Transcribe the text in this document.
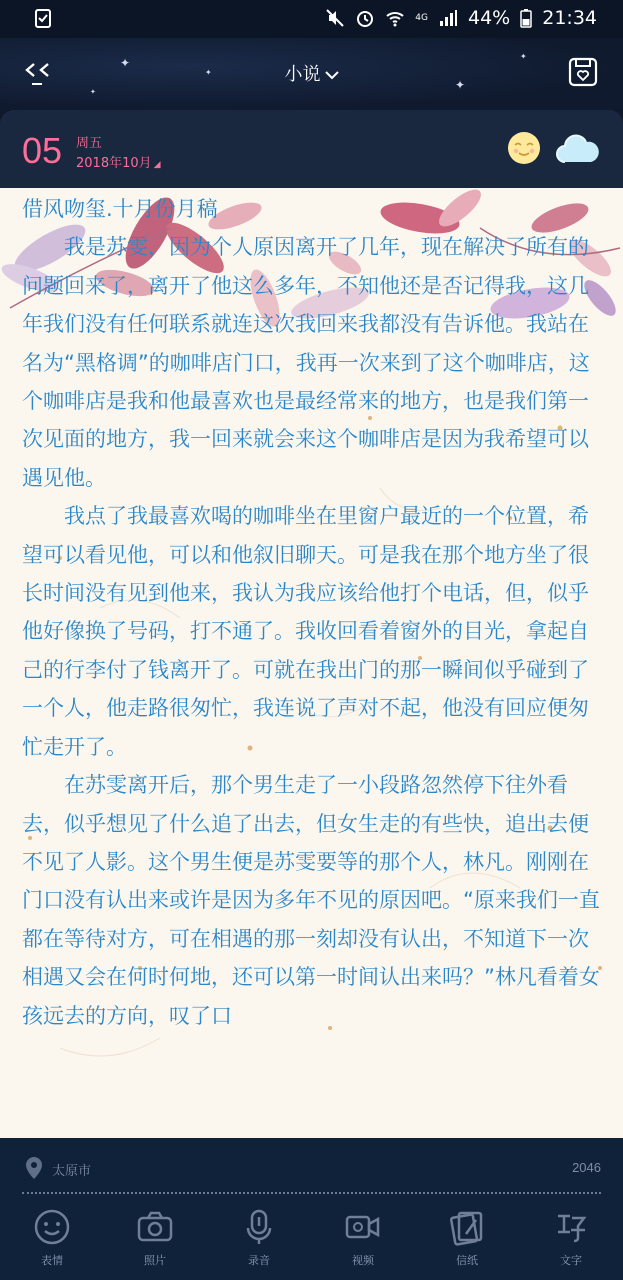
4G 44% 21:34
✦
✦
✦
✦
✦
小说
05 周五
2018年10月 ◢

借风吻玺.十月份月稿

我是苏雯，因为个人原因离开了几年，现在解决了所有的问题回来了，离开了他这么多年，不知他还是否记得我，这几年我们没有任何联系就连这次我回来我都没有告诉他。我站在名为“黑格调”的咖啡店门口，我再一次来到了这个咖啡店，这个咖啡店是我和他最喜欢也是最经常来的地方，也是我们第一次见面的地方，我一回来就会来这个咖啡店是因为我希望可以遇见他。

我点了我最喜欢喝的咖啡坐在里窗户最近的一个位置，希望可以看见他，可以和他叙旧聊天。可是我在那个地方坐了很长时间没有见到他来，我认为我应该给他打个电话，但，似乎他好像换了号码，打不通了。我收回看着窗外的目光，拿起自己的行李付了钱离开了。可就在我出门的那一瞬间似乎碰到了一个人，他走路很匆忙，我连说了声对不起，他没有回应便匆忙走开了。

在苏雯离开后，那个男生走了一小段路忽然停下往外看去，似乎想见了什么追了出去，但女生走的有些快，追出去便不见了人影。这个男生便是苏雯要等的那个人，林凡。刚刚在门口没有认出来或许是因为多年不见的原因吧。“原来我们一直都在等待对方，可在相遇的那一刻却没有认出，不知道下一次相遇又会在何时何地，还可以第一时间认出来吗？”林凡看着女孩远去的方向，叹了口

太原市	2046
表情	照片	录音	视频	信纸	文字
